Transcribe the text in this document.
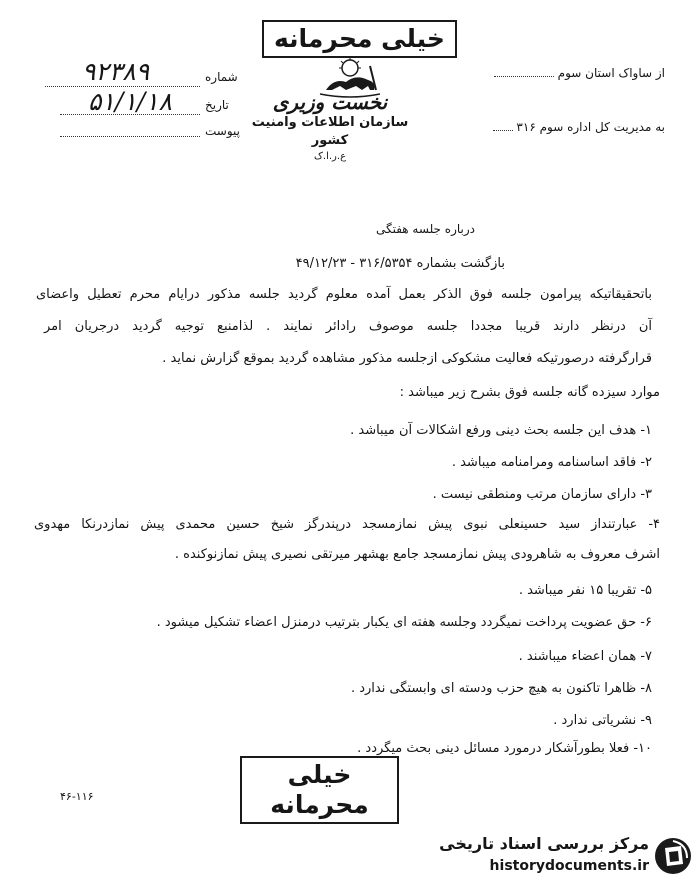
خیلی محرمانه
۹۲۳۸۹	شماره
۵۱/۱/۱۸	تاریخ
پیوست
نخست وزیری
سازمان اطلاعات وامنیت کشور
ع.ر.ا.ک
از ساواک استان سوم
به مدیریت کل اداره سوم ۳۱۶
درباره جلسه هفتگی
بازگشت بشماره ۳۱۶/۵۳۵۴ - ۴۹/۱۲/۲۳
باتحقیقاتیکه پیرامون جلسه فوق الذکر بعمل آمده معلوم گردید جلسه مذکور درایام محرم تعطیل واعضای
آن درنظر دارند قریبا مجددا جلسه موصوف رادائر نمایند . لذامنبع توجیه گردید درجریان امر
قرارگرفته درصورتیکه فعالیت مشکوکی ازجلسه مذکور مشاهده گردید بموقع گزارش نماید .
موارد سیزده گانه جلسه فوق بشرح زیر میباشد :
۱- هدف این جلسه بحث دینی ورفع اشکالات آن میباشد .
۲- فاقد اساسنامه ومرامنامه میباشد .
۳- دارای سازمان مرتب ومنطقی نیست .
۴- عبارتنداز سید حسینعلی نبوی پیش نمازمسجد درپندرگز شیخ حسین محمدی پیش نمازدرنکا مهدوی
اشرف معروف به شاهرودی پیش نمازمسجد جامع بهشهر میرتقی نصیری پیش نمازنوکنده .
۵- تقریبا ۱۵ نفر میباشد .
۶- حق عضویت پرداخت نمیگردد وجلسه هفته ای یکبار بترتیب درمنزل اعضاء تشکیل میشود .
۷- همان اعضاء میباشند .
۸- ظاهرا تاکنون به هیچ حزب ودسته ای وابستگی ندارد .
۹- نشریاتی ندارد .
۱۰- فعلا بطورآشکار درمورد مسائل دینی بحث میگردد .
خیلی محرمانه
۴۶-۱۱۶
مرکز بررسی اسناد تاریخی
historydocuments.ir
